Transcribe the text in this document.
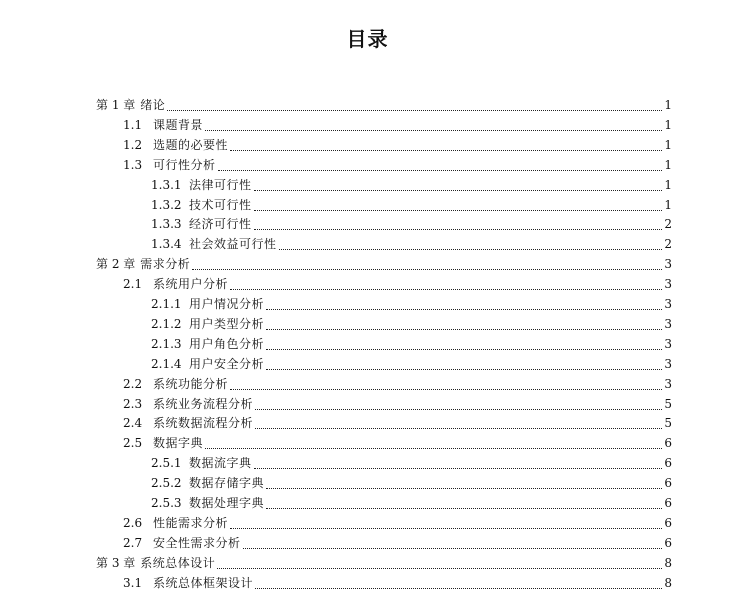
目录
第 1 章 绪论	1
1.1 课题背景	1
1.2 选题的必要性	1
1.3 可行性分析	1
1.3.1 法律可行性	1
1.3.2 技术可行性	1
1.3.3 经济可行性	2
1.3.4 社会效益可行性	2
第 2 章 需求分析	3
2.1 系统用户分析	3
2.1.1 用户情况分析	3
2.1.2 用户类型分析	3
2.1.3 用户角色分析	3
2.1.4 用户安全分析	3
2.2 系统功能分析	3
2.3 系统业务流程分析	5
2.4 系统数据流程分析	5
2.5 数据字典	6
2.5.1 数据流字典	6
2.5.2 数据存储字典	6
2.5.3 数据处理字典	6
2.6 性能需求分析	6
2.7 安全性需求分析	6
第 3 章 系统总体设计	8
3.1 系统总体框架设计	8
